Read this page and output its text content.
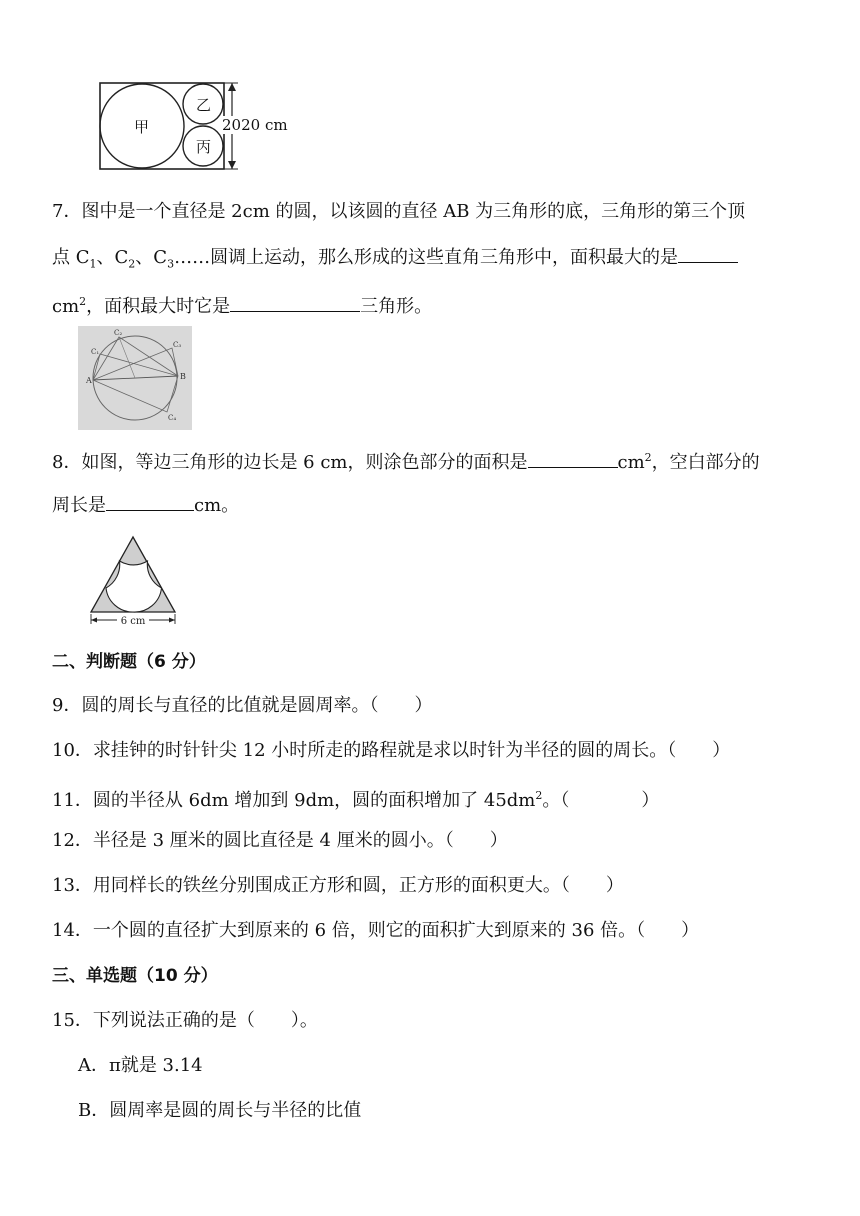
甲
乙
丙
2020 cm
7．图中是一个直径是 2cm 的圆，以该圆的直径 AB 为三角形的底，三角形的第三个顶
点 $C_1$、$C_2$、$C_3\dots\dots$圆调上运动，那么形成的这些直角三角形中，面积最大的是
$cm^2$，面积最大时它是	三角形。
C₂
C₁
C₃
A	B
C₄
8．如图，等边三角形的边长是 6 cm，则涂色部分的面积是	$cm^2$，空白部分的
周长是	cm。
6 cm
二、判断题（6 分）
9．圆的周长与直径的比值就是圆周率。（　　）
10．求挂钟的时针针尖 12 小时所走的路程就是求以时针为半径的圆的周长。（　　）
11．圆的半径从 6dm 增加到 9dm，圆的面积增加了 $45dm^2$。（　　　　）
12．半径是 3 厘米的圆比直径是 4 厘米的圆小。（　　）
13．用同样长的铁丝分别围成正方形和圆，正方形的面积更大。（　　）
14．一个圆的直径扩大到原来的 6 倍，则它的面积扩大到原来的 36 倍。（　　）
三、单选题（10 分）
15．下列说法正确的是（　　）。
A．π就是 3.14
B．圆周率是圆的周长与半径的比值
